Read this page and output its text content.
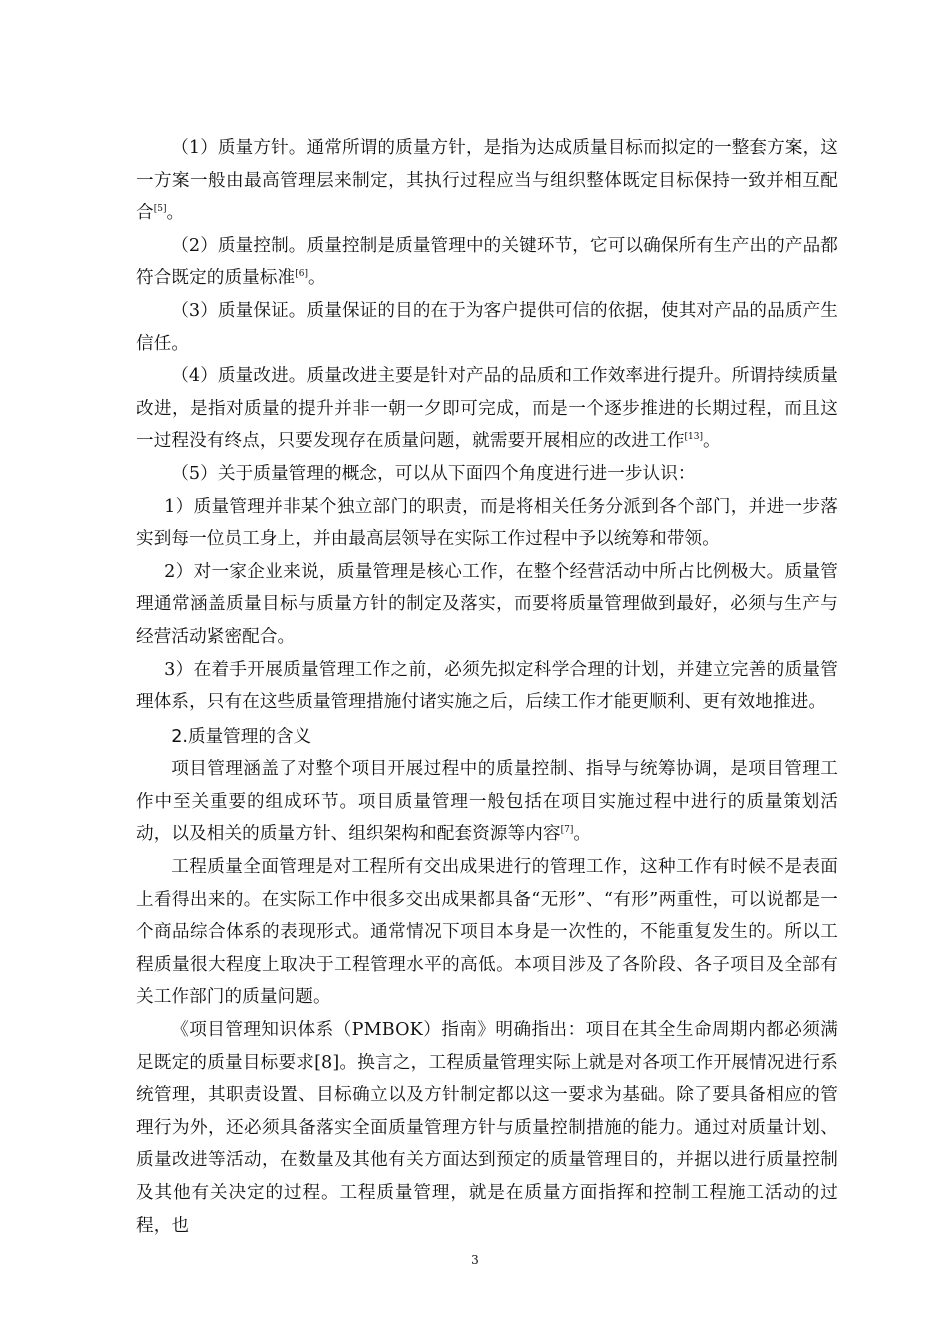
（1）质量方针。通常所谓的质量方针，是指为达成质量目标而拟定的一整套方案，这一方案一般由最高管理层来制定，其执行过程应当与组织整体既定目标保持一致并相互配合[5]。

（2）质量控制。质量控制是质量管理中的关键环节，它可以确保所有生产出的产品都符合既定的质量标准[6]。

（3）质量保证。质量保证的目的在于为客户提供可信的依据，使其对产品的品质产生信任。

（4）质量改进。质量改进主要是针对产品的品质和工作效率进行提升。所谓持续质量改进，是指对质量的提升并非一朝一夕即可完成，而是一个逐步推进的长期过程，而且这一过程没有终点，只要发现存在质量问题，就需要开展相应的改进工作[13]。

（5）关于质量管理的概念，可以从下面四个角度进行进一步认识：

1）质量管理并非某个独立部门的职责，而是将相关任务分派到各个部门，并进一步落实到每一位员工身上，并由最高层领导在实际工作过程中予以统筹和带领。

2）对一家企业来说，质量管理是核心工作，在整个经营活动中所占比例极大。质量管理通常涵盖质量目标与质量方针的制定及落实，而要将质量管理做到最好，必须与生产与经营活动紧密配合。

3）在着手开展质量管理工作之前，必须先拟定科学合理的计划，并建立完善的质量管理体系，只有在这些质量管理措施付诸实施之后，后续工作才能更顺利、更有效地推进。

2.质量管理的含义

项目管理涵盖了对整个项目开展过程中的质量控制、指导与统筹协调，是项目管理工作中至关重要的组成环节。项目质量管理一般包括在项目实施过程中进行的质量策划活动，以及相关的质量方针、组织架构和配套资源等内容[7]。

工程质量全面管理是对工程所有交出成果进行的管理工作，这种工作有时候不是表面上看得出来的。在实际工作中很多交出成果都具备“无形”、“有形”两重性，可以说都是一个商品综合体系的表现形式。通常情况下项目本身是一次性的，不能重复发生的。所以工程质量很大程度上取决于工程管理水平的高低。本项目涉及了各阶段、各子项目及全部有关工作部门的质量问题。

《项目管理知识体系（PMBOK）指南》明确指出：项目在其全生命周期内都必须满足既定的质量目标要求[8]。换言之，工程质量管理实际上就是对各项工作开展情况进行系统管理，其职责设置、目标确立以及方针制定都以这一要求为基础。除了要具备相应的管理行为外，还必须具备落实全面质量管理方针与质量控制措施的能力。通过对质量计划、质量改进等活动，在数量及其他有关方面达到预定的质量管理目的，并据以进行质量控制及其他有关决定的过程。工程质量管理，就是在质量方面指挥和控制工程施工活动的过程，也

3
